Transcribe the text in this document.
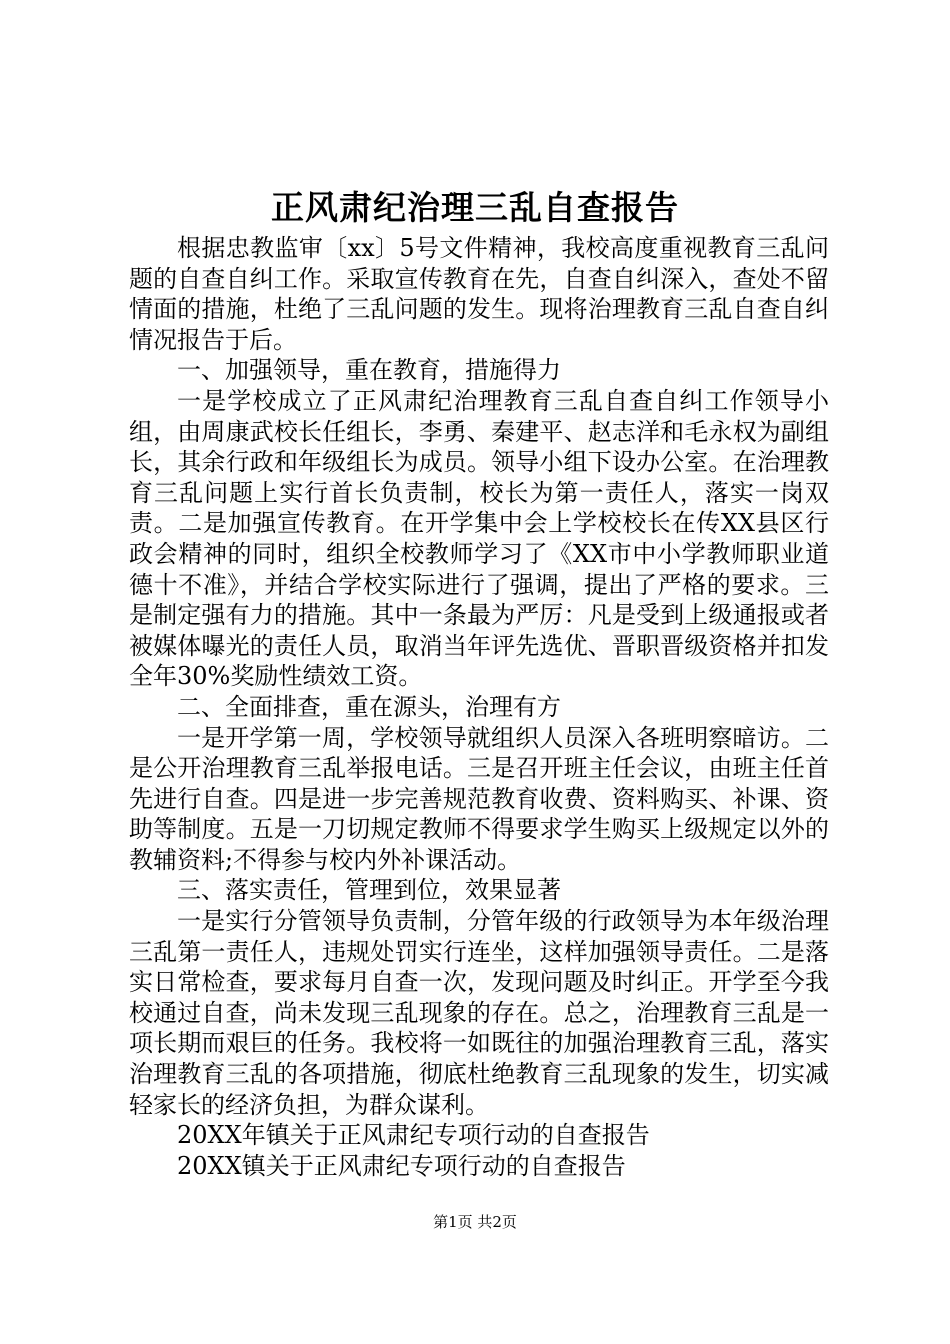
正风肃纪治理三乱自查报告

根据忠教监审〔xx〕5号文件精神，我校高度重视教育三乱问题的自查自纠工作。采取宣传教育在先，自查自纠深入，查处不留情面的措施，杜绝了三乱问题的发生。现将治理教育三乱自查自纠情况报告于后。

一、加强领导，重在教育，措施得力

一是学校成立了正风肃纪治理教育三乱自查自纠工作领导小组，由周康武校长任组长，李勇、秦建平、赵志洋和毛永权为副组长，其余行政和年级组长为成员。领导小组下设办公室。在治理教育三乱问题上实行首长负责制，校长为第一责任人，落实一岗双责。二是加强宣传教育。在开学集中会上学校校长在传XX县区行政会精神的同时，组织全校教师学习了《XX市中小学教师职业道德十不准》，并结合学校实际进行了强调，提出了严格的要求。三是制定强有力的措施。其中一条最为严厉：凡是受到上级通报或者被媒体曝光的责任人员，取消当年评先选优、晋职晋级资格并扣发全年30%奖励性绩效工资。

二、全面排查，重在源头，治理有方

一是开学第一周，学校领导就组织人员深入各班明察暗访。二是公开治理教育三乱举报电话。三是召开班主任会议，由班主任首先进行自查。四是进一步完善规范教育收费、资料购买、补课、资助等制度。五是一刀切规定教师不得要求学生购买上级规定以外的教辅资料;不得参与校内外补课活动。

三、落实责任，管理到位，效果显著

一是实行分管领导负责制，分管年级的行政领导为本年级治理三乱第一责任人，违规处罚实行连坐，这样加强领导责任。二是落实日常检查，要求每月自查一次，发现问题及时纠正。开学至今我校通过自查，尚未发现三乱现象的存在。总之，治理教育三乱是一项长期而艰巨的任务。我校将一如既往的加强治理教育三乱，落实治理教育三乱的各项措施，彻底杜绝教育三乱现象的发生，切实减轻家长的经济负担，为群众谋利。

20XX年镇关于正风肃纪专项行动的自查报告

20XX镇关于正风肃纪专项行动的自查报告

第1页 共2页
